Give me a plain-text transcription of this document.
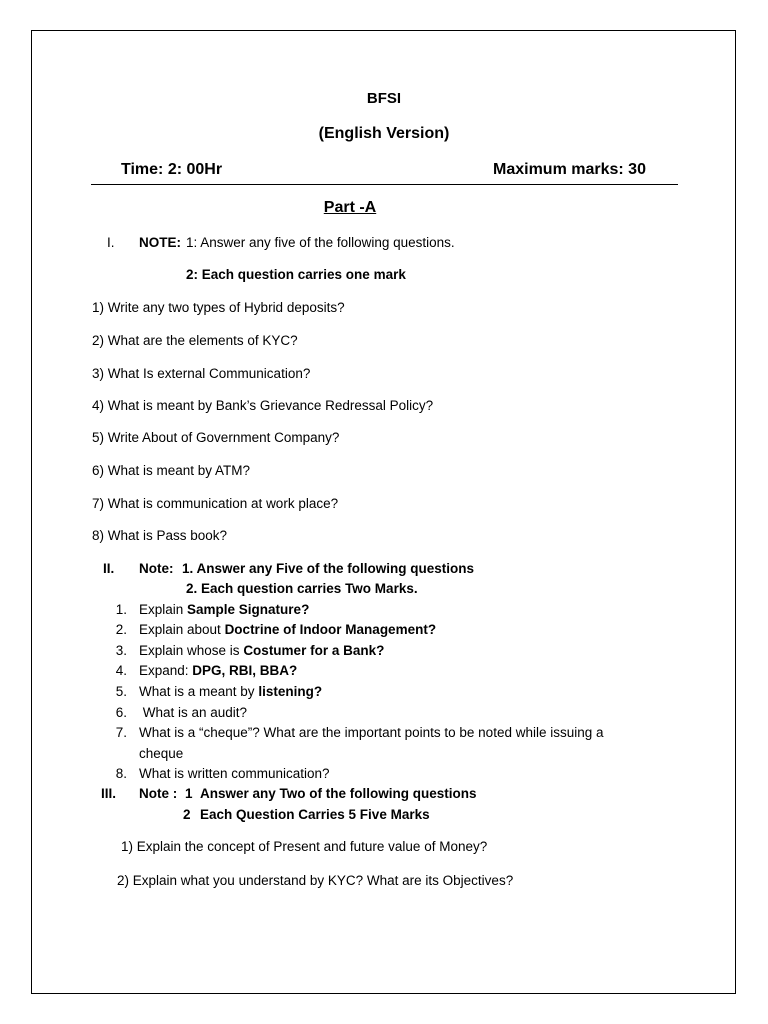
BFSI
(English Version)
Time: 2: 00Hr	Maximum marks: 30
Part -A
I. NOTE: 1: Answer any five of the following questions.
2: Each question carries one mark
1) Write any two types of Hybrid deposits?
2) What are the elements of KYC?
3) What Is external Communication?
4) What is meant by Bank’s Grievance Redressal Policy?
5) Write About of Government Company?
6) What is meant by ATM?
7) What is communication at work place?
8) What is Pass book?
II. Note: 1. Answer any Five of the following questions
2. Each question carries Two Marks.
1. Explain Sample Signature?
2. Explain about Doctrine of Indoor Management?
3. Explain whose is Costumer for a Bank?
4. Expand: DPG, RBI, BBA?
5. What is a meant by listening?
6. What is an audit?
7. What is a “cheque”? What are the important points to be noted while issuing a
cheque
8. What is written communication?
III. Note : 1 Answer any Two of the following questions
2 Each Question Carries 5 Five Marks
1) Explain the concept of Present and future value of Money?
2) Explain what you understand by KYC? What are its Objectives?
